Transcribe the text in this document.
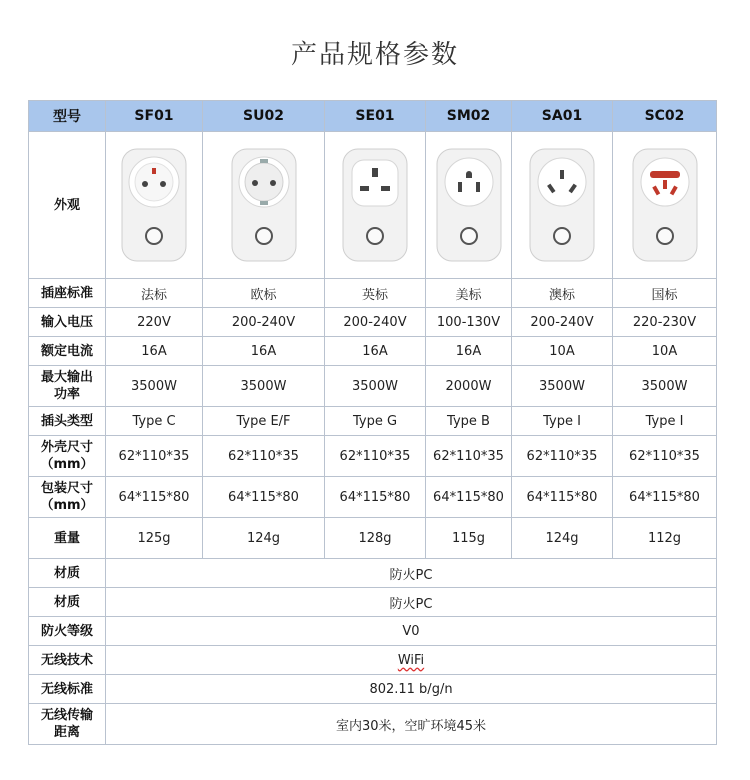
产品规格参数
型号	SF01	SU02	SE01	SM02	SA01	SC02
外观	

插座标准	法标	欧标	英标	美标	澳标	国标
输入电压	220V	200-240V	200-240V	100-130V	200-240V	220-230V
额定电流	16A	16A	16A	16A	10A	10A
最大输出
功率	3500W	3500W	3500W	2000W	3500W	3500W
插头类型	Type C	Type E/F	Type G	Type B	Type I	Type I
外壳尺寸
（mm）	62*110*35	62*110*35	62*110*35	62*110*35	62*110*35	62*110*35
包装尺寸
（mm）	64*115*80	64*115*80	64*115*80	64*115*80	64*115*80	64*115*80
重量	125g	124g	128g	115g	124g	112g
材质	防火PC					
材质	防火PC					
防火等级	V0					
无线技术	WiFi					
无线标准	802.11 b/g/n					
无线传输
距离	室内30米，空旷环境45米					
